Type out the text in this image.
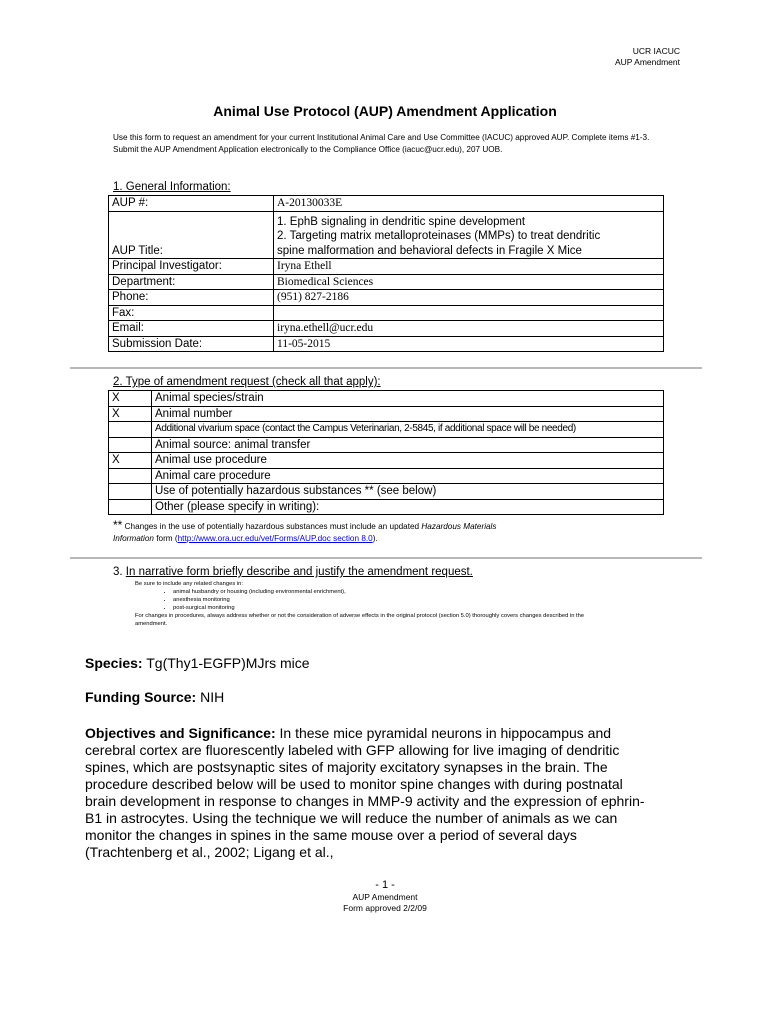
UCR IACUC
AUP Amendment
Animal Use Protocol (AUP) Amendment Application
Use this form to request an amendment for your current Institutional Animal Care and Use Committee (IACUC) approved AUP. Complete items #1-3. Submit the AUP Amendment Application electronically to the Compliance Office (iacuc@ucr.edu), 207 UOB.
1. General Information:
AUP #:	A-20130033E
AUP Title:	1. EphB signaling in dendritic spine development
2. Targeting matrix metalloproteinases (MMPs) to treat dendritic
spine malformation and behavioral defects in Fragile X Mice

Principal Investigator:	Iryna Ethell
Department:	Biomedical Sciences
Phone:	(951) 827-2186
Fax:	
Email:	iryna.ethell@ucr.edu
Submission Date:	11-05-2015
2. Type of amendment request (check all that apply):
X	Animal species/strain
X	Animal number
	Additional vivarium space (contact the Campus Veterinarian, 2-5845, if additional space will be needed)
	Animal source: animal transfer
X	Animal use procedure
	Animal care procedure
	Use of potentially hazardous substances ** (see below)
	Other (please specify in writing):
** Changes in the use of potentially hazardous substances must include an updated Hazardous Materials
Information form (http://www.ora.ucr.edu/vet/Forms/AUP.doc section 8.0).
3. In narrative form briefly describe and justify the amendment request.
Be sure to include any related changes in:
• animal husbandry or housing (including environmental enrichment),
• anesthesia monitoring
• post-surgical monitoring
For changes in procedures, always address whether or not the consideration of adverse effects in the original protocol (section 5.0) thoroughly covers changes described in the amendment.
Species: Tg(Thy1-EGFP)MJrs mice
Funding Source: NIH
Objectives and Significance: In these mice pyramidal neurons in hippocampus and cerebral cortex are fluorescently labeled with GFP allowing for live imaging of dendritic spines, which are postsynaptic sites of majority excitatory synapses in the brain. The procedure described below will be used to monitor spine changes with during postnatal brain development in response to changes in MMP-9 activity and the expression of ephrin-B1 in astrocytes. Using the technique we will reduce the number of animals as we can monitor the changes in spines in the same mouse over a period of several days (Trachtenberg et al., 2002; Ligang et al.,
- 1 -
AUP Amendment
Form approved 2/2/09
